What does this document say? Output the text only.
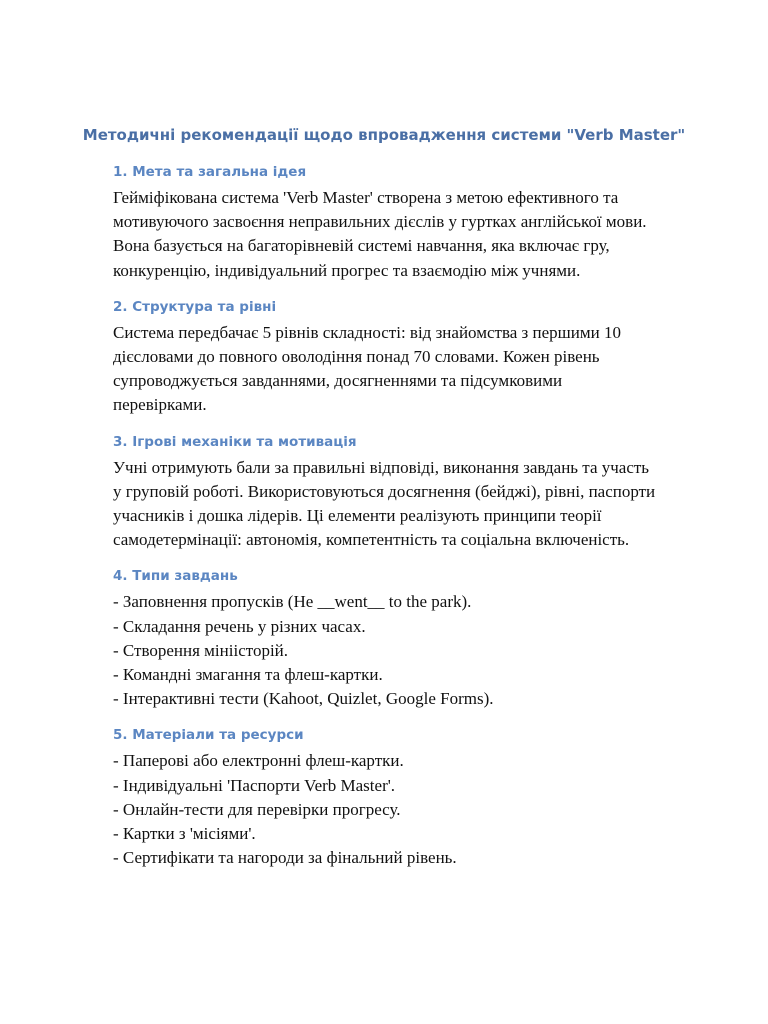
Методичні рекомендації щодо впровадження системи "Verb Master"
1. Мета та загальна ідея

Гейміфікована система 'Verb Master' створена з метою ефективного та мотивуючого засвоєння неправильних дієслів у гуртках англійської мови. Вона базується на багаторівневій системі навчання, яка включає гру, конкуренцію, індивідуальний прогрес та взаємодію між учнями.

2. Структура та рівні

Система передбачає 5 рівнів складності: від знайомства з першими 10 дієсловами до повного оволодіння понад 70 словами. Кожен рівень супроводжується завданнями, досягненнями та підсумковими перевірками.

3. Ігрові механіки та мотивація

Учні отримують бали за правильні відповіді, виконання завдань та участь у груповій роботі. Використовуються досягнення (бейджі), рівні, паспорти учасників і дошка лідерів. Ці елементи реалізують принципи теорії самодетермінації: автономія, компетентність та соціальна включеність.

4. Типи завдань
- Заповнення пропусків (He __went__ to the park).
- Складання речень у різних часах.
- Створення мініісторій.
- Командні змагання та флеш-картки.
- Інтерактивні тести (Kahoot, Quizlet, Google Forms).
5. Матеріали та ресурси
- Паперові або електронні флеш-картки.
- Індивідуальні 'Паспорти Verb Master'.
- Онлайн-тести для перевірки прогресу.
- Картки з 'місіями'.
- Сертифікати та нагороди за фінальний рівень.
